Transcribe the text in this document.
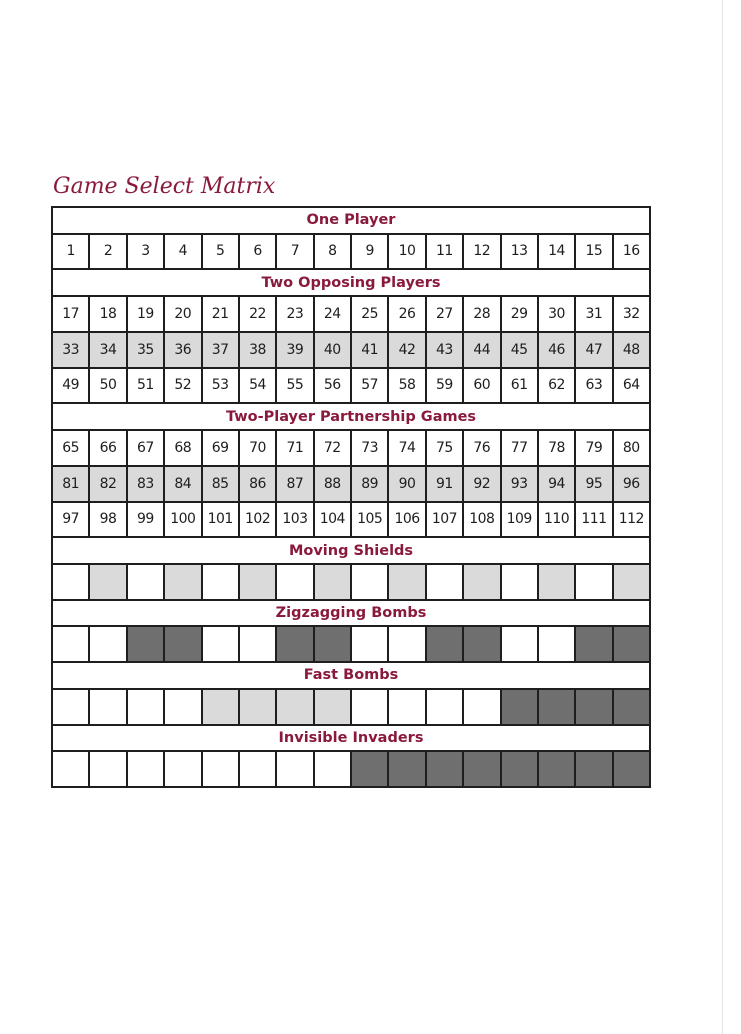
Game Select Matrix
One Player															
1	2	3	4	5	6	7	8	9	10	11	12	13	14	15	16
Two Opposing Players															
17	18	19	20	21	22	23	24	25	26	27	28	29	30	31	32
33	34	35	36	37	38	39	40	41	42	43	44	45	46	47	48
49	50	51	52	53	54	55	56	57	58	59	60	61	62	63	64
Two-Player Partnership Games															
65	66	67	68	69	70	71	72	73	74	75	76	77	78	79	80
81	82	83	84	85	86	87	88	89	90	91	92	93	94	95	96
97	98	99	100	101	102	103	104	105	106	107	108	109	110	111	112
Moving Shields															

Zigzagging Bombs															

Fast Bombs															

Invisible Invaders															
